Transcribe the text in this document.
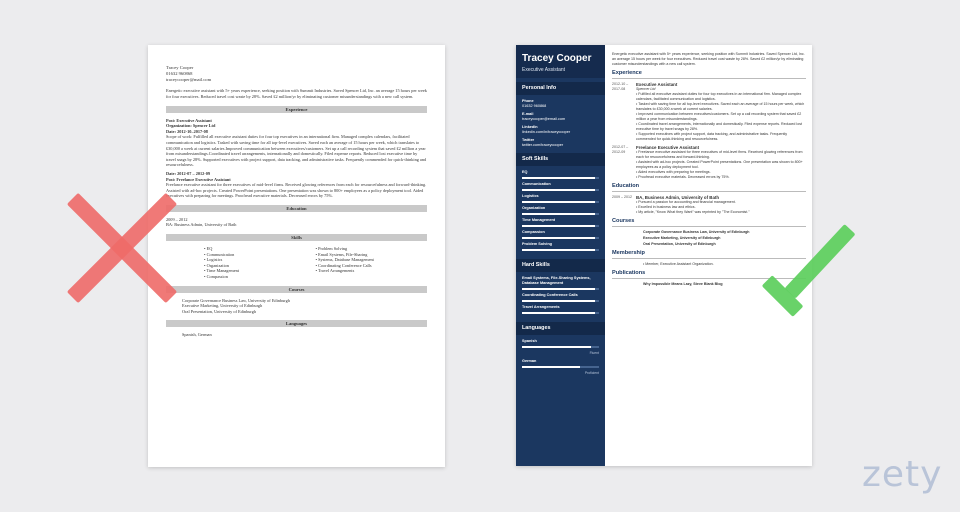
Tracey Cooper
01632 960868
traceycooper@mail.com

Energetic executive assistant with 5+ years experience, seeking position with Summit Industries. Saved Spencer Ltd, Inc. an average 15 hours per week for four executives. Reduced travel cost waste by 28%. Saved £2 million/yr by eliminating customer misunderstandings with a new call system.

Experience
Post: Executive Assistant
Organization: Spencer Ltd
Date: 2012-10–2017-08
Scope of work: Fulfilled all executive assistant duties for four top executives in an international firm. Managed complex calendars, facilitated communication and logistics. Tasked with saving time for all top-level executives. Saved each an average of 15 hours per week, which translates to £30,000 a week at current salaries.Improved communication between executives/customers. Set up a call recording system that saved £2 million a year from misunderstandings.Coordinated travel arrangements, internationally and domestically. Filed expense reports. Reduced lost executive time by travel snags by 28%. Supported executives with project support, data tracking, and administrative tasks. Frequently commended for quick-thinking and resourcefulness.
Date: 2012-07 – 2012-09
Post: Freelance Executive Assistant
Freelance executive assistant for three executives of mid-level firms. Received glowing references from each for resourcefulness and forward-thinking. Assisted with ad-hoc projects. Created PowerPoint presentations. One presentation was shown to 800+ employees as a policy deployment tool. Aided executives with preparing for meetings. Proofread executive materials. Decreased errors by 75%.
Education
2009 – 2012
BA: Business Admin, University of Bath
Skills
• EQ	• Problem Solving
• Communication	• Email Systems, File-Sharing
• Logistics	• Systems, Database Management
• Organization	• Coordinating Conference Calls
• Time Management	• Travel Arrangements
• Compassion
Courses
Corporate Governance Business Law, University of Edinburgh
Executive Marketing, University of Edinburgh
Oral Presentation, University of Edinburgh
Languages
Spanish, German
Tracey Cooper
Executive Assistant
Personal Info
Phone
01632 960868
E-mail
traceycooper@email.com
LinkedIn
linkedin.com/in/traceycooper
Twitter
twitter.com/traceycooper
Soft Skills
EQ
Communication
Logistics
Organization
Time Management
Compassion
Problem Solving
Hard Skills
Email Systems, File-Sharing Systems, Database Management
Coordinating Conference Calls
Travel Arrangements
Languages
Spanish
Fluent
German
Proficient
Energetic executive assistant with 5+ years experience, seeking position with Summit Industries. Saved Spencer Ltd, Inc. an average 15 hours per week for four executives. Reduced travel cost waste by 28%. Saved £2 million/yr by eliminating customer misunderstandings with a new call system.
Experience
2012-10 – 2017-08
Executive Assistant
Spencer Ltd
• Fulfilled all executive assistant duties for four top executives in an international firm. Managed complex calendars, facilitated communication and logistics.
• Tasked with saving time for all top-level executives. Saved each an average of 15 hours per week, which translates to £30,000 a week at current salaries.
• Improved communication between executives/customers. Set up a call recording system that saved £2 million a year from misunderstandings.
• Coordinated travel arrangements, internationally and domestically. Filed expense reports. Reduced lost executive time by travel snags by 28%.
• Supported executives with project support, data tracking, and administrative tasks. Frequently commended for quick-thinking and resourcefulness.
2012-07 – 2012-09
Freelance Executive Assistant
• Freelance executive assistant for three executives of mid-level firms. Received glowing references from each for resourcefulness and forward-thinking.
• Assisted with ad-hoc projects. Created PowerPoint presentations. One presentation was shown to 800+ employees as a policy deployment tool.
• Aided executives with preparing for meetings.
• Proofread executive materials. Decreased errors by 75%.
Education
2009 – 2012 BA, Business Admin, University of Bath
• Pursued a passion for accounting and financial management.
• Excelled in business law and ethics.
• My article, "Know What they Want" was reprinted by "The Economist."
Courses
Corporate Governance Business Law, University of Edinburgh
Executive Marketing, University of Edinburgh
Oral Presentation, University of Edinburgh
Membership
• Member, Executive Assistant Organization.
Publications
Why Impossible Means Lazy, Steve Blank Blog
zety
